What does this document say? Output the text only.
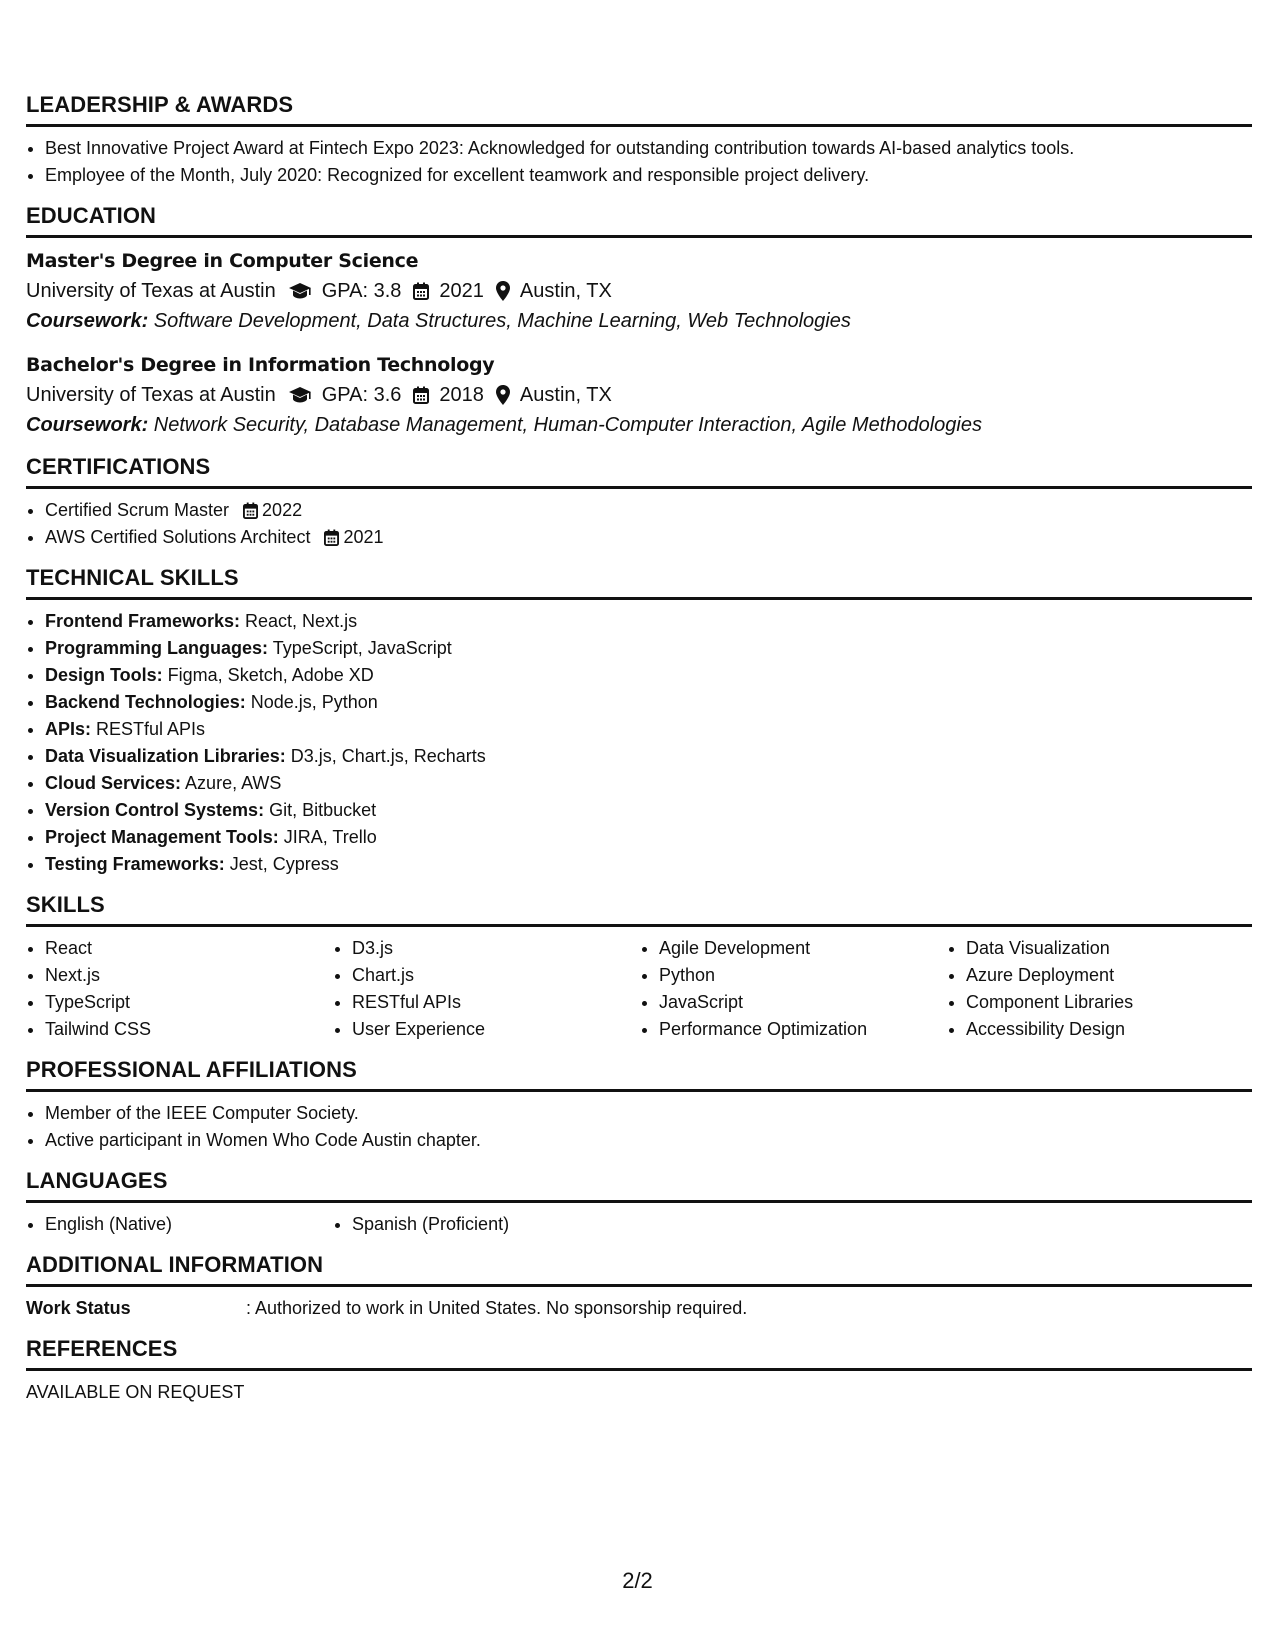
LEADERSHIP & AWARDS
• Best Innovative Project Award at Fintech Expo 2023: Acknowledged for outstanding contribution towards AI-based analytics tools.
• Employee of the Month, July 2020: Recognized for excellent teamwork and responsible project delivery.
EDUCATION
Master's Degree in Computer Science
University of Texas at Austin GPA: 3.8 2021 Austin, TX
Coursework: Software Development, Data Structures, Machine Learning, Web Technologies
Bachelor's Degree in Information Technology
University of Texas at Austin GPA: 3.6 2018 Austin, TX
Coursework: Network Security, Database Management, Human-Computer Interaction, Agile Methodologies
CERTIFICATIONS
• Certified Scrum Master 2022
• AWS Certified Solutions Architect 2021
TECHNICAL SKILLS
• Frontend Frameworks: React, Next.js
• Programming Languages: TypeScript, JavaScript
• Design Tools: Figma, Sketch, Adobe XD
• Backend Technologies: Node.js, Python
• APIs: RESTful APIs
• Data Visualization Libraries: D3.js, Chart.js, Recharts
• Cloud Services: Azure, AWS
• Version Control Systems: Git, Bitbucket
• Project Management Tools: JIRA, Trello
• Testing Frameworks: Jest, Cypress
SKILLS
• React
• Next.js
• TypeScript
• Tailwind CSS
• D3.js
• Chart.js
• RESTful APIs
• User Experience
• Agile Development
• Python
• JavaScript
• Performance Optimization
• Data Visualization
• Azure Deployment
• Component Libraries
• Accessibility Design
PROFESSIONAL AFFILIATIONS
• Member of the IEEE Computer Society.
• Active participant in Women Who Code Austin chapter.
LANGUAGES
• English (Native)
•	Spanish (Proficient)
ADDITIONAL INFORMATION
Work Status	: Authorized to work in United States. No sponsorship required.
REFERENCES
AVAILABLE ON REQUEST
2/2
